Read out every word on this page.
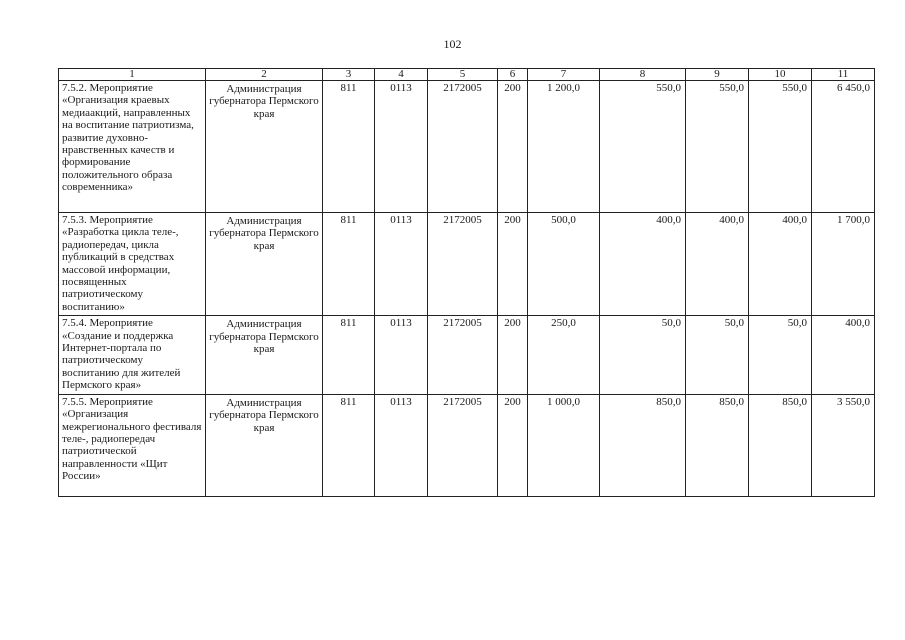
102
1	2	3	4	5	6	7	8	9	10	11
7.5.2. Мероприятие «Организация краевых медиаакций, направленных на воспитание патриотизма, развитие духовно-нравственных качеств и формирование положительного образа современника»	Администрация губернатора Пермского края	811	0113	2172005	200	1 200,0	550,0	550,0	550,0	6 450,0
7.5.3. Мероприятие «Разработка цикла теле-, радиопередач, цикла публикаций в средствах массовой информации, посвященных патриотическому воспитанию»	Администрация губернатора Пермского края	811	0113	2172005	200	500,0	400,0	400,0	400,0	1 700,0
7.5.4. Мероприятие «Создание и поддержка Интернет-портала по патриотическому воспитанию для жителей Пермского края»	Администрация губернатора Пермского края	811	0113	2172005	200	250,0	50,0	50,0	50,0	400,0
7.5.5. Мероприятие «Организация межрегионального фестиваля теле-, радиопередач патриотической направленности «Щит России»	Администрация губернатора Пермского края	811	0113	2172005	200	1 000,0	850,0	850,0	850,0	3 550,0
